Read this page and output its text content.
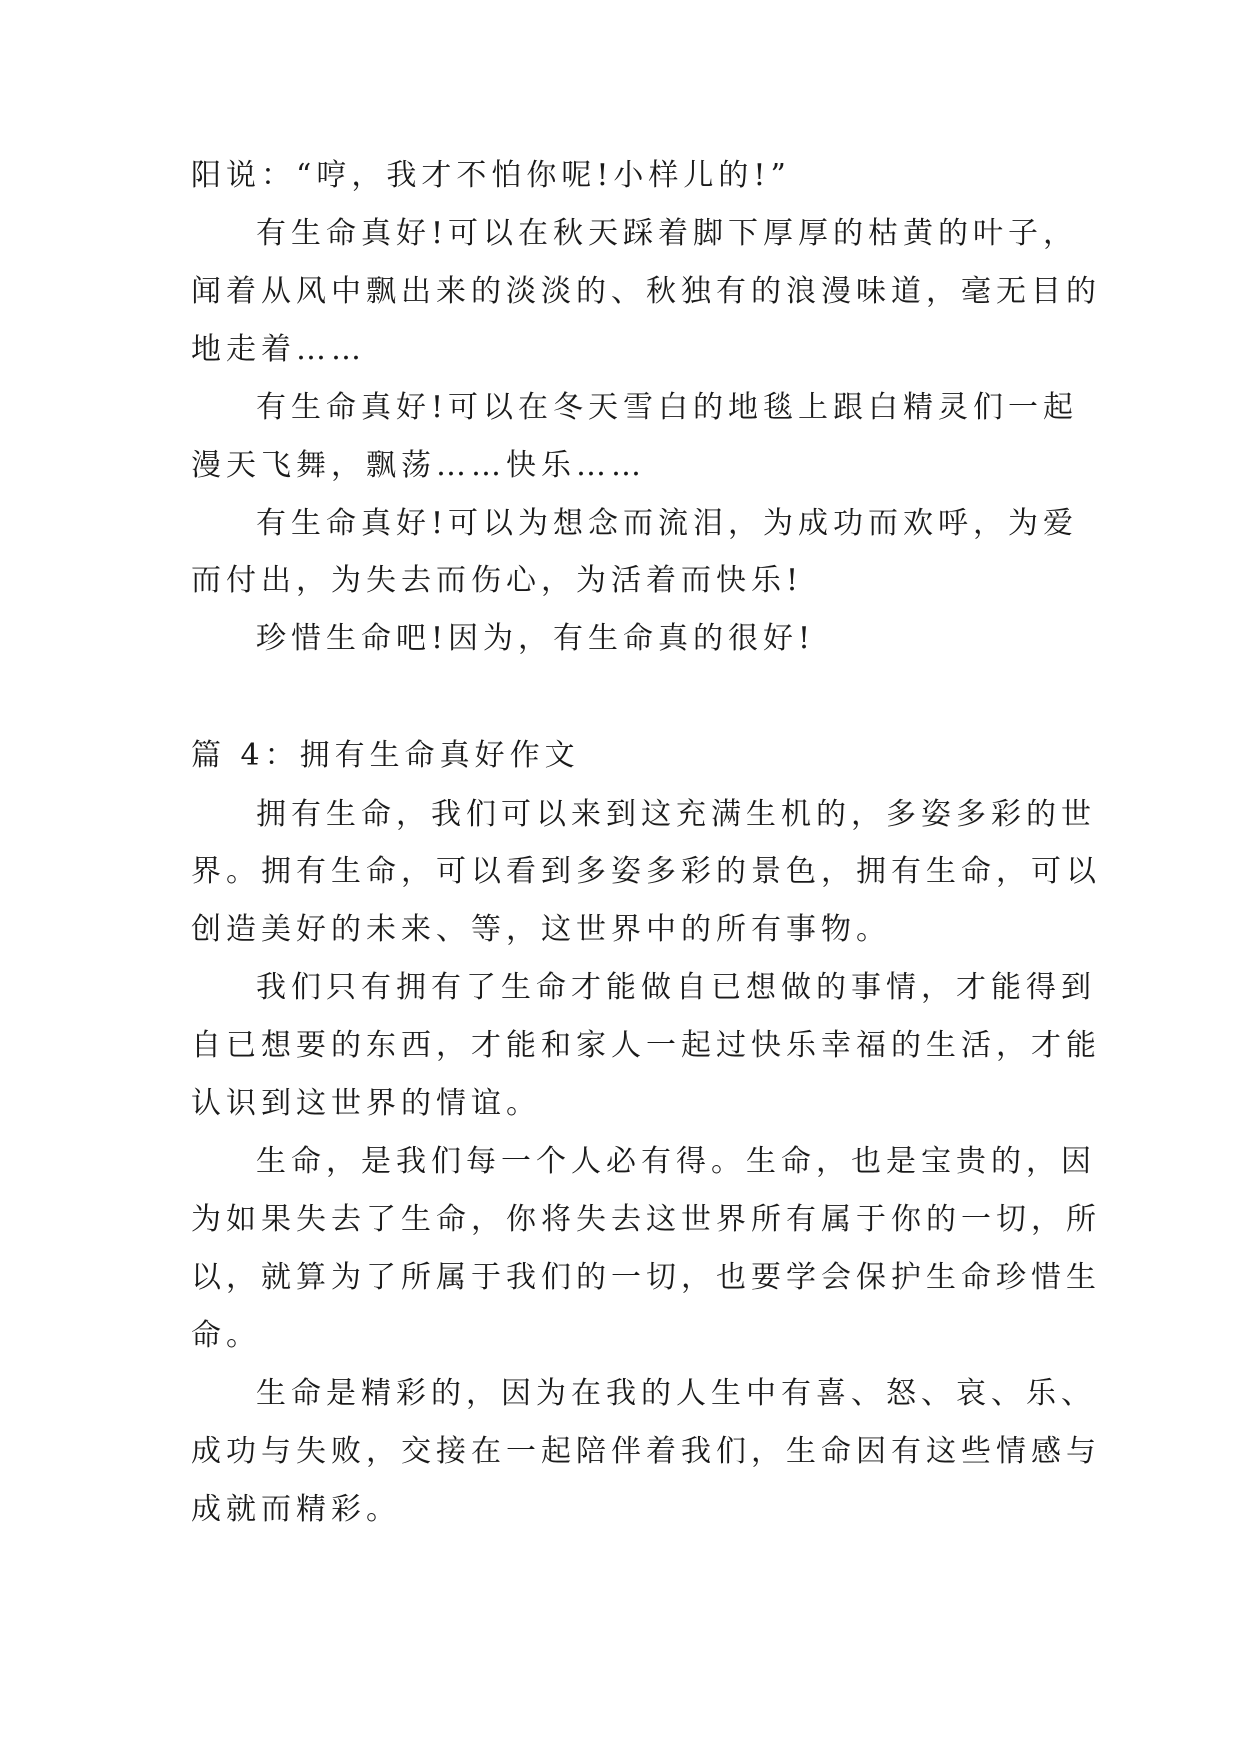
阳说：“哼，我才不怕你呢!小样儿的!”
有生命真好!可以在秋天踩着脚下厚厚的枯黄的叶子，
闻着从风中飘出来的淡淡的、秋独有的浪漫味道，毫无目的
地走着……
有生命真好!可以在冬天雪白的地毯上跟白精灵们一起
漫天飞舞，飘荡……快乐……
有生命真好!可以为想念而流泪，为成功而欢呼，为爱
而付出，为失去而伤心，为活着而快乐!
珍惜生命吧!因为，有生命真的很好!
篇 4：拥有生命真好作文
拥有生命，我们可以来到这充满生机的，多姿多彩的世
界。拥有生命，可以看到多姿多彩的景色，拥有生命，可以
创造美好的未来、等，这世界中的所有事物。
我们只有拥有了生命才能做自已想做的事情，才能得到
自已想要的东西，才能和家人一起过快乐幸福的生活，才能
认识到这世界的情谊。
生命，是我们每一个人必有得。生命，也是宝贵的，因
为如果失去了生命，你将失去这世界所有属于你的一切，所
以，就算为了所属于我们的一切，也要学会保护生命珍惜生
命。
生命是精彩的，因为在我的人生中有喜、怒、哀、乐、
成功与失败，交接在一起陪伴着我们，生命因有这些情感与
成就而精彩。
